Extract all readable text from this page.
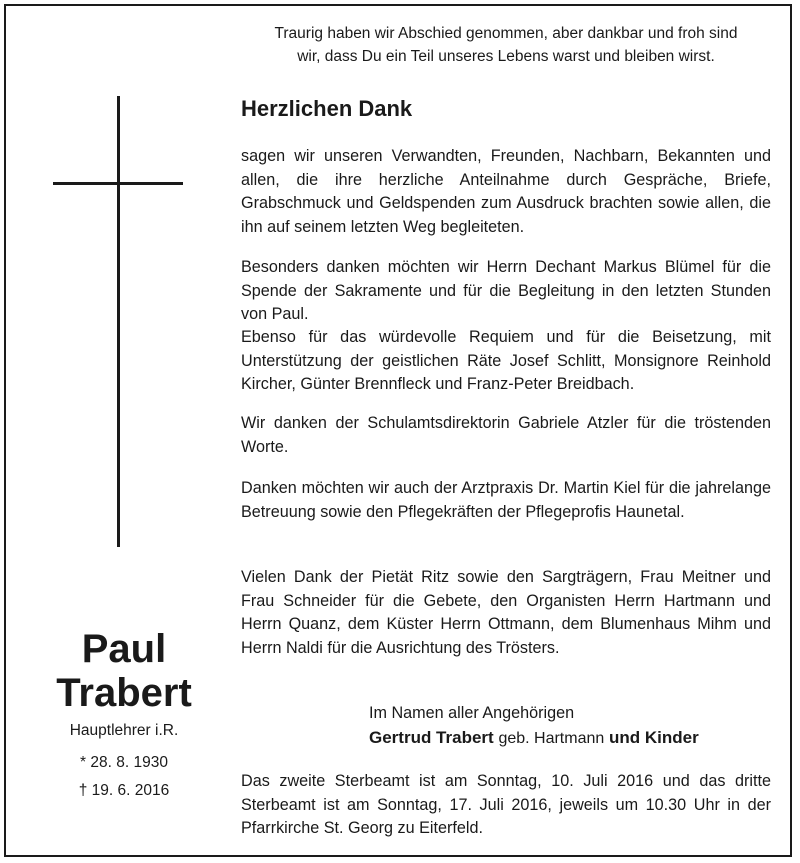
Traurig haben wir Abschied genommen, aber dankbar und froh sind
wir, dass Du ein Teil unseres Lebens warst und bleiben wirst.
Herzlichen Dank

sagen wir unseren Verwandten, Freunden, Nachbarn, Bekannten und allen, die ihre herzliche Anteilnahme durch Gespräche, Briefe, Grabschmuck und Geldspenden zum Ausdruck brachten sowie allen, die ihn auf seinem letzten Weg begleiteten.

Besonders danken möchten wir Herrn Dechant Markus Blümel für die Spende der Sakramente und für die Begleitung in den letzten Stunden von Paul.

Ebenso für das würdevolle Requiem und für die Beisetzung, mit Unterstützung der geistlichen Räte Josef Schlitt, Monsignore Reinhold Kircher, Günter Brennfleck und Franz-Peter Breidbach.

Wir danken der Schulamtsdirektorin Gabriele Atzler für die tröstenden Worte.

Danken möchten wir auch der Arztpraxis Dr. Martin Kiel für die jahrelange Betreuung sowie den Pflegekräften der Pflegeprofis Haunetal.

Vielen Dank der Pietät Ritz sowie den Sargträgern, Frau Meitner und Frau Schneider für die Gebete, den Organisten Herrn Hartmann und Herrn Quanz, dem Küster Herrn Ottmann, dem Blumenhaus Mihm und Herrn Naldi für die Ausrichtung des Trösters.

Paul
Trabert
Hauptlehrer i.R.
* 28. 8. 1930
† 19. 6. 2016
Im Namen aller Angehörigen
Gertrud Trabert geb. Hartmann und Kinder

Das zweite Sterbeamt ist am Sonntag, 10. Juli 2016 und das dritte Sterbeamt ist am Sonntag, 17. Juli 2016, jeweils um 10.30 Uhr in der Pfarrkirche St. Georg zu Eiterfeld.
